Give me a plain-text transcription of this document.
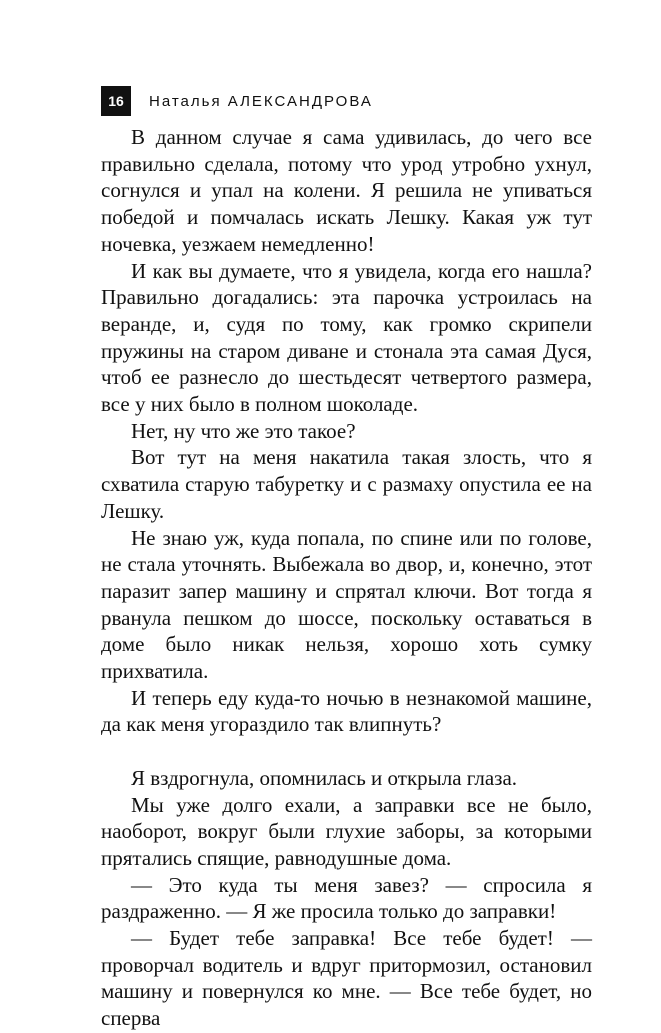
16	Наталья АЛЕКСАНДРОВА

В данном случае я сама удивилась, до чего все правильно сделала, потому что урод утробно ухнул, согнулся и упал на колени. Я решила не упиваться победой и помчалась искать Лешку. Какая уж тут ночевка, уезжаем немедленно!

И как вы думаете, что я увидела, когда его нашла? Правильно догадались: эта парочка устроилась на веранде, и, судя по тому, как громко скрипели пружины на старом диване и стонала эта самая Дуся, чтоб ее разнесло до шестьдесят четвертого размера, все у них было в полном шоколаде.

Нет, ну что же это такое?

Вот тут на меня накатила такая злость, что я схватила старую табуретку и с размаху опустила ее на Лешку.

Не знаю уж, куда попала, по спине или по голове, не стала уточнять. Выбежала во двор, и, конечно, этот паразит запер машину и спрятал ключи. Вот тогда я рванула пешком до шоссе, поскольку оставаться в доме было никак нельзя, хорошо хоть сумку прихватила.

И теперь еду куда-то ночью в незнакомой машине, да как меня угораздило так влипнуть?

Я вздрогнула, опомнилась и открыла глаза.

Мы уже долго ехали, а заправки все не было, наоборот, вокруг были глухие заборы, за которыми прятались спящие, равнодушные дома.

— Это куда ты меня завез? — спросила я раздраженно. — Я же просила только до заправки!

— Будет тебе заправка! Все тебе будет! — проворчал водитель и вдруг притормозил, остановил машину и повернулся ко мне. — Все тебе будет, но сперва
